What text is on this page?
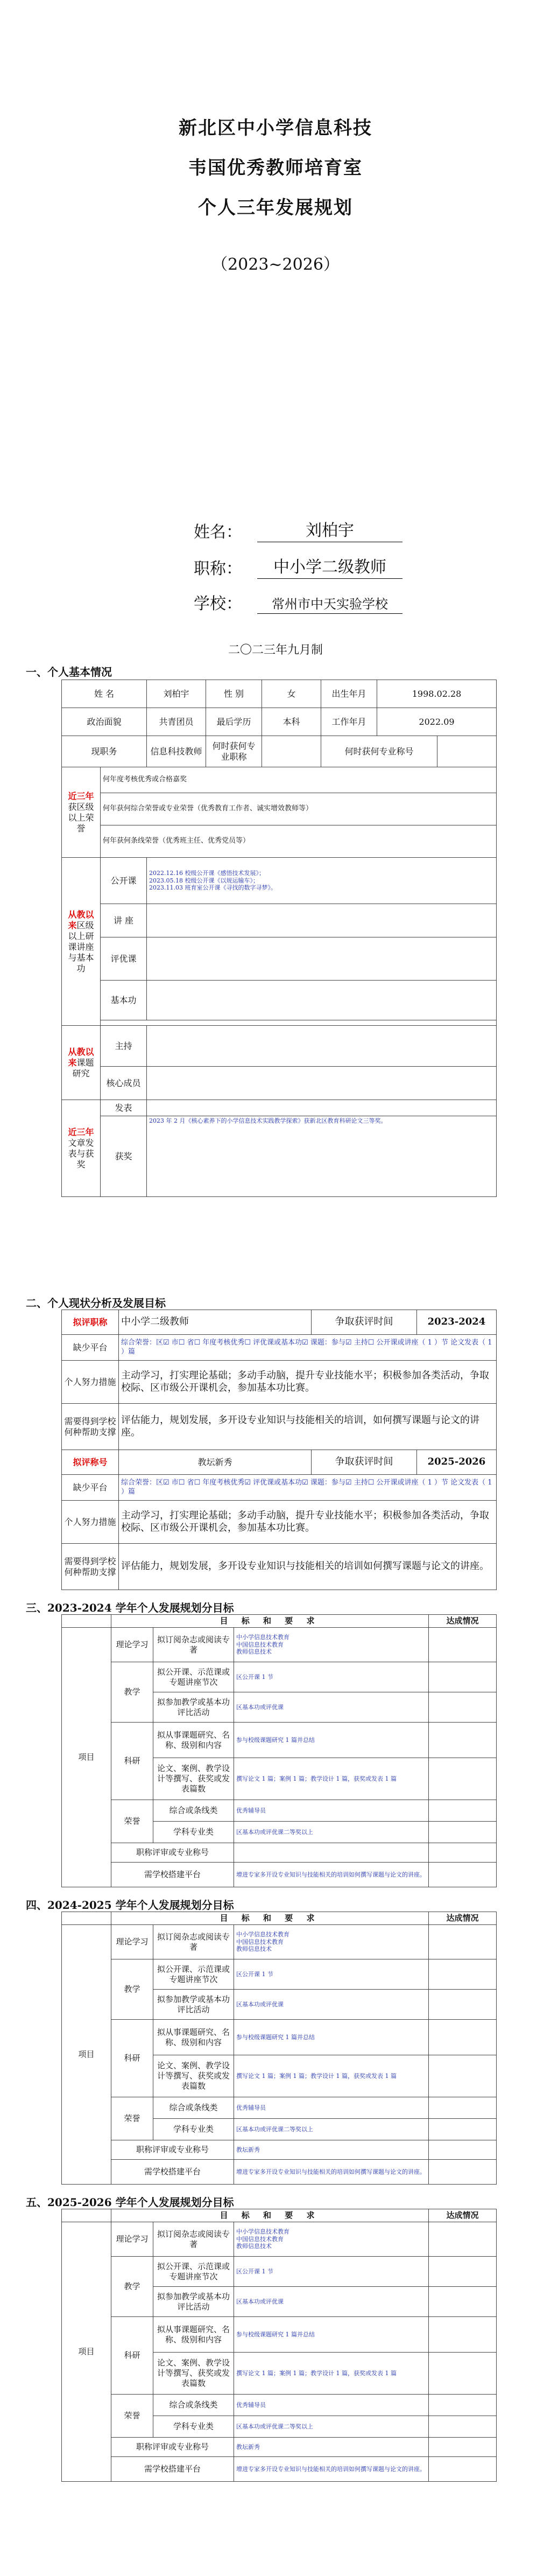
新北区中小学信息科技
韦国优秀教师培育室
个人三年发展规划
（2023~2026）
姓名：	刘柏宇
职称：	中小学二级教师
学校：	常州市中天实验学校
二〇二三年九月制
一、个人基本情况
姓 名		刘柏宇	性 别	女	出生年月	1998.02.28	
政治面貌		共青团员	最后学历	本科	工作年月	2022.09	
现职务		信息科技教师	何时获何专业职称		何时获何专业称号		
近三年获区级以上荣誉	何年度考核优秀或合格嘉奖						
	何年获何综合荣誉或专业荣誉（优秀教育工作者、诚实增效教师等）						
	何年获何条线荣誉（优秀班主任、优秀党员等）						
从教以来区级以上研课讲座与基本功	公开课	2022.12.16 校级公开课《感悟技术发展》；
2023.05.18 校级公开课《以规运输车》；
2023.11.03 班育室公开课《寻找的数字寻梦》。					

	讲 座						
	评优课						
	基本功						

从教以来课题研究	主持						
	核心成员						
近三年文章发表与获奖	发表						
	获奖	2023 年 2 月《核心素养下的小学信息技术实践教学探索》获新北区教育科研论文三等奖。					
二、个人现状分析及发展目标
拟评职称	中小学二级教师	争取获评时间	2023-2024
缺少平台	综合荣誉：区☑ 市☐ 省☐ 年度考核优秀☐ 评优课或基本功☑ 课题：参与☑ 主持☐ 公开课或讲座（ 1 ）节 论文发表（ 1 ）篇		
个人努力措施	主动学习，打实理论基础；多动手动脑，提升专业技能水平；积极参加各类活动，争取校际、区市级公开课机会，参加基本功比赛。		
需要得到学校何种帮助支撑	评估能力，规划发展，多开设专业知识与技能相关的培训，如何撰写课题与论文的讲座。		
拟评称号	教坛新秀	争取获评时间	2025-2026
缺少平台	综合荣誉：区☑ 市☐ 省☐ 年度考核优秀☑ 评优课或基本功☑ 课题：参与☑ 主持☐ 公开课或讲座（ 1 ）节 论文发表（ 1 ）篇		
个人努力措施	主动学习，打实理论基础；多动手动脑，提升专业技能水平；积极参加各类活动，争取校际、区市级公开课机会，参加基本功比赛。		
需要得到学校何种帮助支撑	评估能力，规划发展，多开设专业知识与技能相关的培训如何撰写课题与论文的讲座。		
三、2023-2024 学年个人发展规划分目标
	目 标 和 要 求			达成情况
项目	理论学习	拟订阅杂志或阅读专著	中小学信息技术教育
中国信息技术教育
教师信息技术	

	教学	拟公开课、示范课或专题讲座节次	区公开课 1 节	
		拟参加教学或基本功评比活动	区基本功或评优课	
	科研	拟从事课题研究、名称、级别和内容	参与校级课题研究 1 篇并总结	
		论文、案例、教学设计等撰写、获奖或发表篇数	撰写论文 1 篇；案例 1 篇；教学设计 1 篇，获奖或发表 1 篇	
	荣誉	综合或条线类	优秀辅导员	
		学科专业类	区基本功或评优课二等奖以上	
	职称评审或专业称号			
	需学校搭建平台		增进专家多开设专业知识与技能相关的培训如何撰写课题与论文的讲座。	
四、2024-2025 学年个人发展规划分目标
	目 标 和 要 求			达成情况
项目	理论学习	拟订阅杂志或阅读专著	中小学信息技术教育
中国信息技术教育
教师信息技术	

	教学	拟公开课、示范课或专题讲座节次	区公开课 1 节	
		拟参加教学或基本功评比活动	区基本功或评优课	
	科研	拟从事课题研究、名称、级别和内容	参与校级课题研究 1 篇并总结	
		论文、案例、教学设计等撰写、获奖或发表篇数	撰写论文 1 篇；案例 1 篇；教学设计 1 篇，获奖或发表 1 篇	
	荣誉	综合或条线类	优秀辅导员	
		学科专业类	区基本功或评优课二等奖以上	
	职称评审或专业称号		教坛新秀	
	需学校搭建平台		增进专家多开设专业知识与技能相关的培训如何撰写课题与论文的讲座。	
五、2025-2026 学年个人发展规划分目标
	目 标 和 要 求			达成情况
项目	理论学习	拟订阅杂志或阅读专著	中小学信息技术教育
中国信息技术教育
教师信息技术	

	教学	拟公开课、示范课或专题讲座节次	区公开课 1 节	
		拟参加教学或基本功评比活动	区基本功或评优课	
	科研	拟从事课题研究、名称、级别和内容	参与校级课题研究 1 篇并总结	
		论文、案例、教学设计等撰写、获奖或发表篇数	撰写论文 1 篇；案例 1 篇；教学设计 1 篇，获奖或发表 1 篇	
	荣誉	综合或条线类	优秀辅导员	
		学科专业类	区基本功或评优课二等奖以上	
	职称评审或专业称号		教坛新秀	
	需学校搭建平台		增进专家多开设专业知识与技能相关的培训如何撰写课题与论文的讲座。	
